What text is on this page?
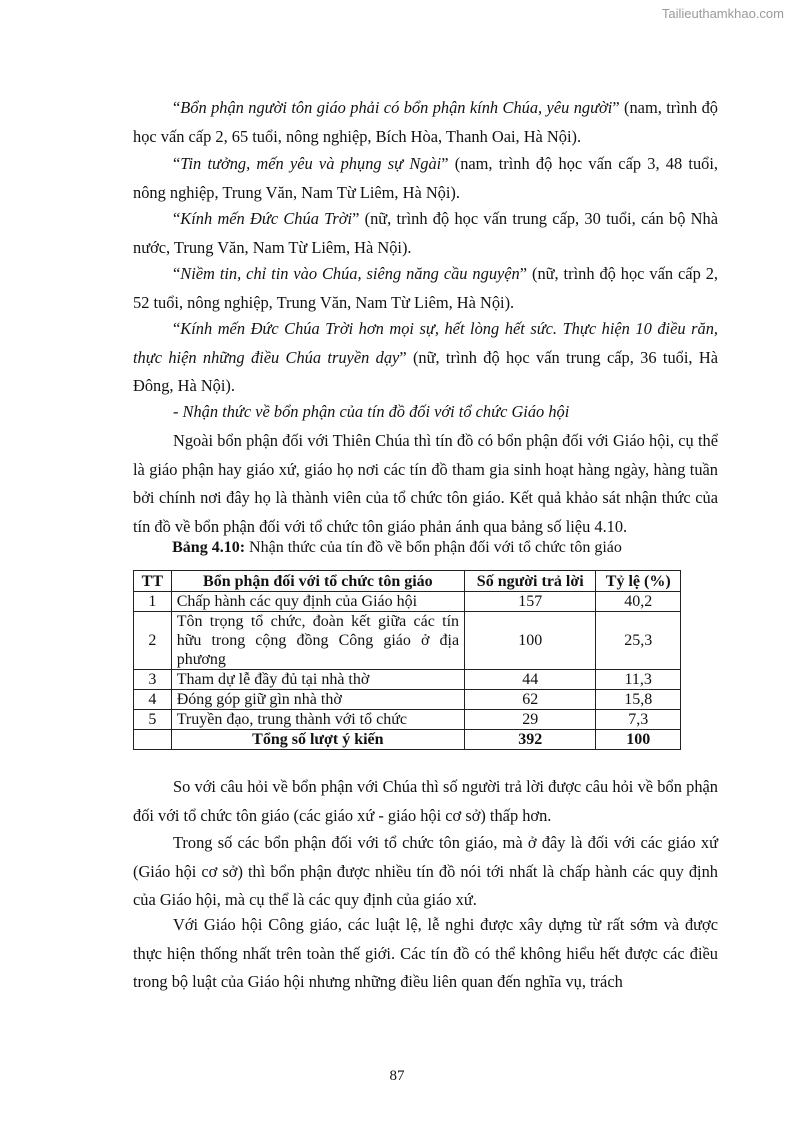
Tailieuthamkhao.com

“Bổn phận người tôn giáo phải có bổn phận kính Chúa, yêu người” (nam, trình độ học vấn cấp 2, 65 tuổi, nông nghiệp, Bích Hòa, Thanh Oai, Hà Nội).

“Tin tưởng, mến yêu và phụng sự Ngài” (nam, trình độ học vấn cấp 3, 48 tuổi, nông nghiệp, Trung Văn, Nam Từ Liêm, Hà Nội).

“Kính mến Đức Chúa Trời” (nữ, trình độ học vấn trung cấp, 30 tuổi, cán bộ Nhà nước, Trung Văn, Nam Từ Liêm, Hà Nội).

“Niềm tin, chỉ tin vào Chúa, siêng năng cầu nguyện” (nữ, trình độ học vấn cấp 2, 52 tuổi, nông nghiệp, Trung Văn, Nam Từ Liêm, Hà Nội).

“Kính mến Đức Chúa Trời hơn mọi sự, hết lòng hết sức. Thực hiện 10 điều răn, thực hiện những điều Chúa truyền dạy” (nữ, trình độ học vấn trung cấp, 36 tuổi, Hà Đông, Hà Nội).

- Nhận thức về bổn phận của tín đồ đối với tổ chức Giáo hội

Ngoài bổn phận đối với Thiên Chúa thì tín đồ có bổn phận đối với Giáo hội, cụ thể là giáo phận hay giáo xứ, giáo họ nơi các tín đồ tham gia sinh hoạt hàng ngày, hàng tuần bởi chính nơi đây họ là thành viên của tổ chức tôn giáo. Kết quả khảo sát nhận thức của tín đồ về bổn phận đối với tổ chức tôn giáo phản ánh qua bảng số liệu 4.10.

Bảng 4.10: Nhận thức của tín đồ về bổn phận đối với tổ chức tôn giáo
TT	Bổn phận đối với tổ chức tôn giáo	Số người trả lời	Tỷ lệ (%)
1	Chấp hành các quy định của Giáo hội	157	40,2
2	Tôn trọng tổ chức, đoàn kết giữa các tín hữu trong cộng đồng Công giáo ở địa phương	100	25,3
3	Tham dự lễ đầy đủ tại nhà thờ	44	11,3
4	Đóng góp giữ gìn nhà thờ	62	15,8
5	Truyền đạo, trung thành với tổ chức	29	7,3
	Tổng số lượt ý kiến	392	100

So với câu hỏi về bổn phận với Chúa thì số người trả lời được câu hỏi về bổn phận đối với tổ chức tôn giáo (các giáo xứ - giáo hội cơ sở) thấp hơn.

Trong số các bổn phận đối với tổ chức tôn giáo, mà ở đây là đối với các giáo xứ (Giáo hội cơ sở) thì bổn phận được nhiều tín đồ nói tới nhất là chấp hành các quy định của Giáo hội, mà cụ thể là các quy định của giáo xứ.

Với Giáo hội Công giáo, các luật lệ, lễ nghi được xây dựng từ rất sớm và được thực hiện thống nhất trên toàn thế giới. Các tín đồ có thể không hiểu hết được các điều trong bộ luật của Giáo hội nhưng những điều liên quan đến nghĩa vụ, trách

87
